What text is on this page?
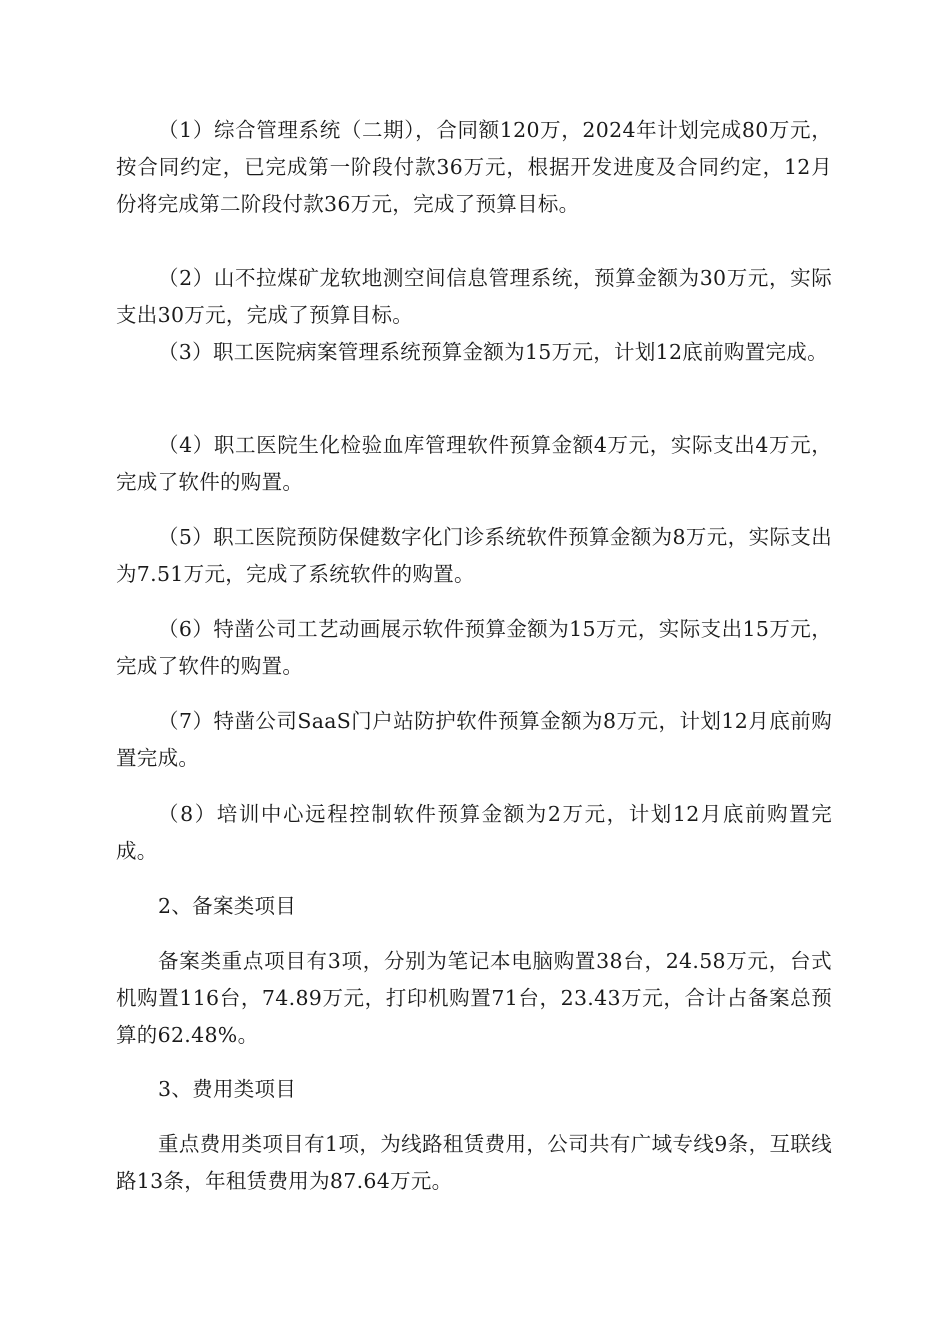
（1）综合管理系统（二期），合同额120万，2024年计划完成80万元，按合同约定，已完成第一阶段付款36万元，根据开发进度及合同约定，12月份将完成第二阶段付款36万元，完成了预算目标。

（2）山不拉煤矿龙软地测空间信息管理系统，预算金额为30万元，实际支出30万元，完成了预算目标。

（3）职工医院病案管理系统预算金额为15万元，计划12底前购置完成。

（4）职工医院生化检验血库管理软件预算金额4万元，实际支出4万元，完成了软件的购置。

（5）职工医院预防保健数字化门诊系统软件预算金额为8万元，实际支出为7.51万元，完成了系统软件的购置。

（6）特凿公司工艺动画展示软件预算金额为15万元，实际支出15万元，完成了软件的购置。

（7）特凿公司SaaS门户站防护软件预算金额为8万元，计划12月底前购置完成。

（8）培训中心远程控制软件预算金额为2万元，计划12月底前购置完成。

2、备案类项目

备案类重点项目有3项，分别为笔记本电脑购置38台，24.58万元，台式机购置116台，74.89万元，打印机购置71台，23.43万元，合计占备案总预算的62.48%。

3、费用类项目

重点费用类项目有1项，为线路租赁费用，公司共有广域专线9条，互联线路13条，年租赁费用为87.64万元。
